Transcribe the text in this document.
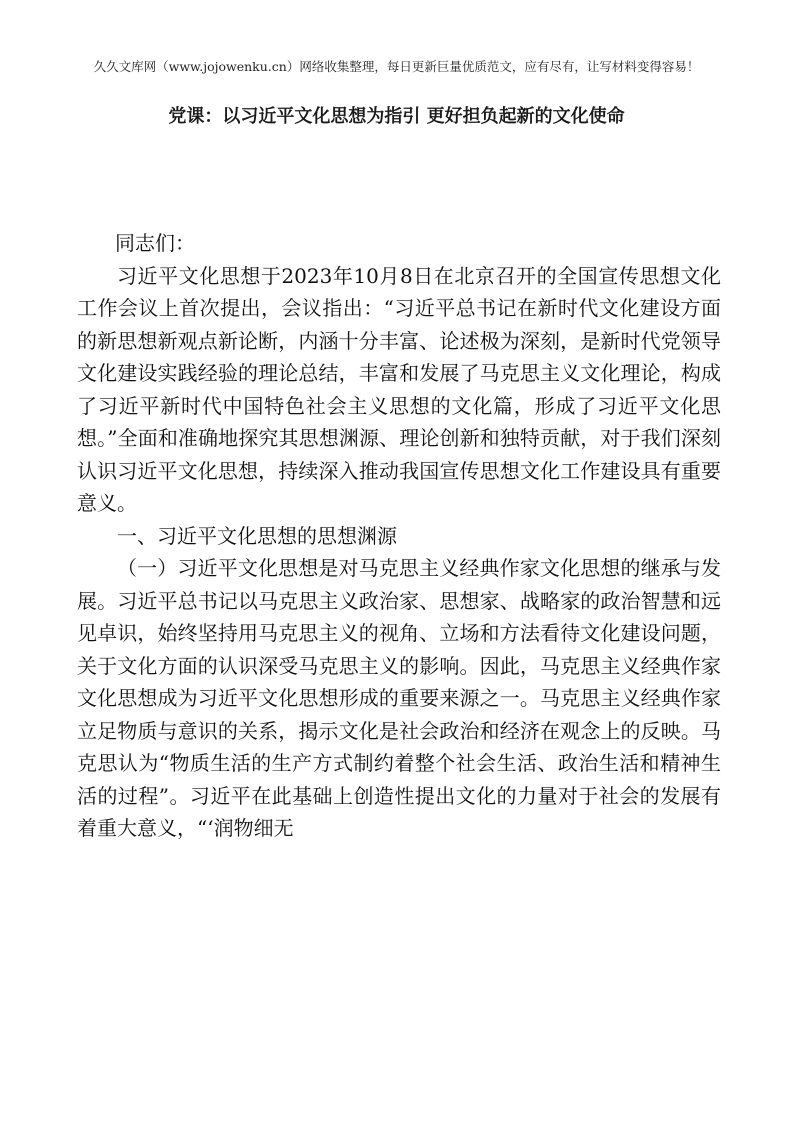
久久文库网（www.jojowenku.cn）网络收集整理，每日更新巨量优质范文，应有尽有，让写材料变得容易！
党课：以习近平文化思想为指引 更好担负起新的文化使命

同志们：

习近平文化思想于2023年10月8日在北京召开的全国宣传思想文化工作会议上首次提出，会议指出：“习近平总书记在新时代文化建设方面的新思想新观点新论断，内涵十分丰富、论述极为深刻，是新时代党领导文化建设实践经验的理论总结，丰富和发展了马克思主义文化理论，构成了习近平新时代中国特色社会主义思想的文化篇，形成了习近平文化思想。”全面和准确地探究其思想渊源、理论创新和独特贡献，对于我们深刻认识习近平文化思想，持续深入推动我国宣传思想文化工作建设具有重要意义。

一、习近平文化思想的思想渊源

（一）习近平文化思想是对马克思主义经典作家文化思想的继承与发展。习近平总书记以马克思主义政治家、思想家、战略家的政治智慧和远见卓识，始终坚持用马克思主义的视角、立场和方法看待文化建设问题，关于文化方面的认识深受马克思主义的影响。因此，马克思主义经典作家文化思想成为习近平文化思想形成的重要来源之一。马克思主义经典作家立足物质与意识的关系，揭示文化是社会政治和经济在观念上的反映。马克思认为“物质生活的生产方式制约着整个社会生活、政治生活和精神生活的过程”。习近平在此基础上创造性提出文化的力量对于社会的发展有着重大意义，“‘润物细无
